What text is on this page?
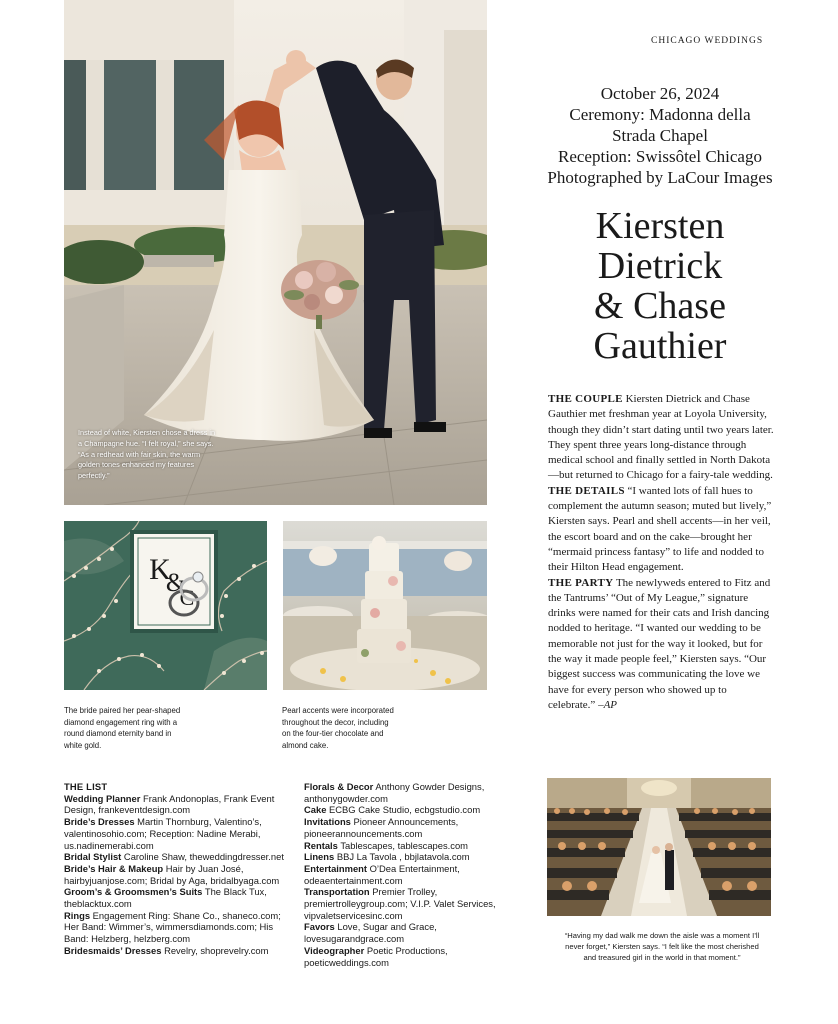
CHICAGO WEDDINGS
Instead of white, Kiersten chose a dress in a Champagne hue. “I felt royal,” she says. “As a redhead with fair skin, the warm golden tones enhanced my features perfectly.”
K
&
C
October 26, 2024
Ceremony: Madonna della
Strada Chapel
Reception: Swissôtel Chicago
Photographed by LaCour Images
Kiersten
Dietrick
& Chase
Gauthier

THE COUPLE Kiersten Dietrick and Chase Gauthier met freshman year at Loyola University, though they didn’t start dating until two years later. They spent three years long-distance through medical school and finally settled in North Dakota—but returned to Chicago for a fairy-tale wedding.

THE DETAILS “I wanted lots of fall hues to complement the autumn season; muted but lively,” Kiersten says. Pearl and shell accents—in her veil, the escort board and on the cake—brought her “mermaid princess fantasy” to life and nodded to their Hilton Head engagement.

THE PARTY The newlyweds entered to Fitz and the Tantrums’ “Out of My League,” signature drinks were named for their cats and Irish dancing nodded to heritage. “I wanted our wedding to be memorable not just for the way it looked, but for the way it made people feel,” Kiersten says. “Our biggest success was communicating the love we have for every person who showed up to celebrate.” –AP

The bride paired her pear-shaped diamond engagement ring with a round diamond eternity band in white gold.
Pearl accents were incorporated throughout the decor, including on the four-tier chocolate and almond cake.
“Having my dad walk me down the aisle was a moment I’ll never forget,” Kiersten says. “I felt like the most cherished and treasured girl in the world in that moment.”
THE LIST
Wedding Planner Frank Andonoplas, Frank Event Design, frankeventdesign.com
Bride’s Dresses Martin Thornburg, Valentino’s, valentinosohio.com; Reception: Nadine Merabi, us.nadinemerabi.com
Bridal Stylist Caroline Shaw, theweddingdresser.net
Bride’s Hair & Makeup Hair by Juan José, hairbyjuanjose.com; Bridal by Aga, bridalbyaga.com
Groom’s & Groomsmen’s Suits The Black Tux, theblacktux.com
Rings Engagement Ring: Shane Co., shaneco.com; Her Band: Wimmer’s, wimmersdiamonds.com; His Band: Helzberg, helzberg.com
Bridesmaids’ Dresses Revelry, shoprevelry.com
Florals & Decor Anthony Gowder Designs, anthonygowder.com
Cake ECBG Cake Studio, ecbgstudio.com
Invitations Pioneer Announcements, pioneerannouncements.com
Rentals Tablescapes, tablescapes.com
Linens BBJ La Tavola , bbjlatavola.com
Entertainment O’Dea Entertainment, odeaentertainment.com
Transportation Premier Trolley, premiertrolleygroup.com; V.I.P. Valet Services, vipvaletservicesinc.com
Favors Love, Sugar and Grace, lovesugarandgrace.com
Videographer Poetic Productions, poeticweddings.com
